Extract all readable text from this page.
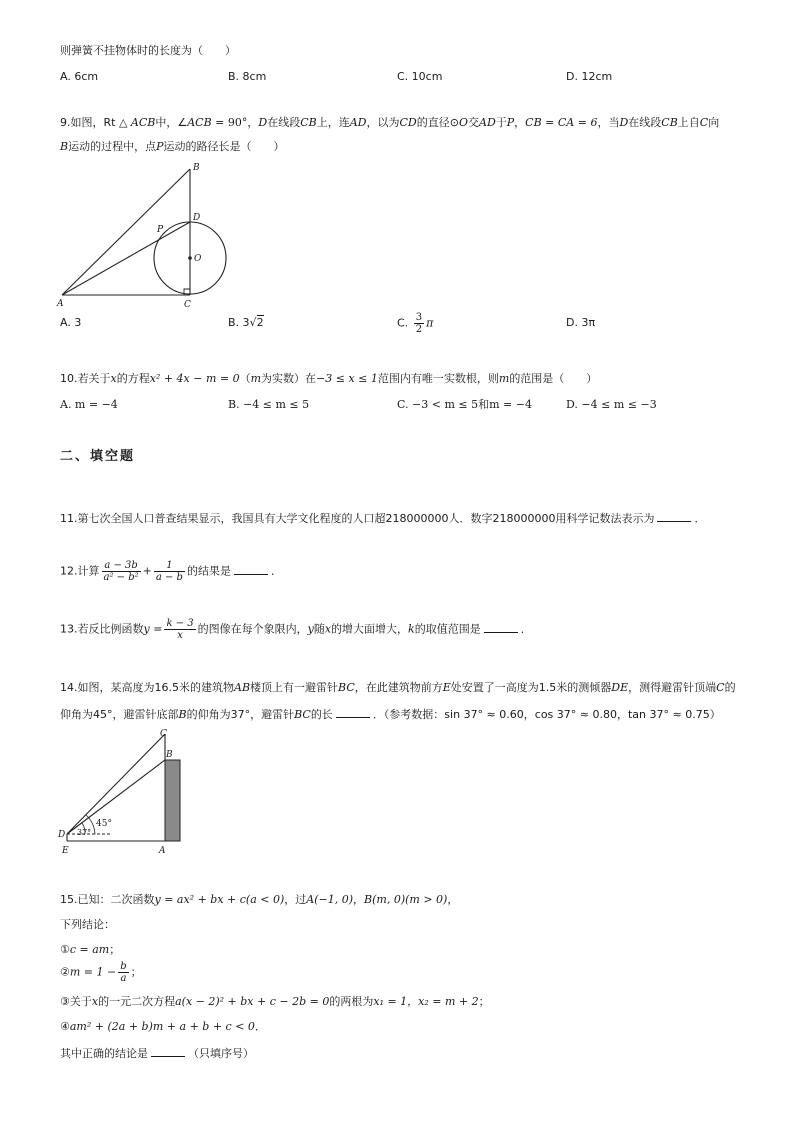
则弹簧不挂物体时的长度为（　　）
A. 6cm	B. 8cm	C. 10cm	D. 12cm
9.如图，Rt △ ACB中，∠ACB = 90°，D在线段CB上，连AD，以为CD的直径⊙O交AD于P，CB = CA = 6，当D在线段CB上自C向
B运动的过程中，点P运动的路径长是（　　）
A	C
B
D
O
P
A. 3	B. 3√2	C. $\frac{3}{2}$ π	D. 3π
10.若关于x的方程x² + 4x − m = 0（m为实数）在−3 ≤ x ≤ 1范围内有唯一实数根，则m的范围是（　　）
A. m = −4	B. −4 ≤ m ≤ 5	C. −3 < m ≤ 5和m = −4	D. −4 ≤ m ≤ −3
二、填空题
11.第七次全国人口普查结果显示，我国具有大学文化程度的人口超218000000人．数字218000000用科学记数法表示为	．
12.计算 $\frac{a - 3b}{\text{a² − b²}} + \frac{1}{a - b}$ 的结果是	．
13.若反比例函数$y = \frac{k - 3}{x}$ 的图像在每个象限内，y随x的增大面增大，k的取值范围是	．
14.如图，某高度为16.5米的建筑物AB楼顶上有一避雷针BC，在此建筑物前方E处安置了一高度为1.5米的测倾器DE，测得避雷针顶端C的
仰角为45°，避雷针底部B的仰角为37°，避雷针BC的长	．（参考数据：sin 37° ≈ 0.60，cos 37° ≈ 0.80，tan 37° ≈ 0.75）
45°
37°
C
B
D
E	A
15.已知：二次函数y = ax² + bx + c(a < 0)，过A(−1, 0)，B(m, 0)(m > 0)，
下列结论：
①c = am；
②m = $1 - \frac{b}{a}$ ；
③关于x的一元二次方程a(x − 2)² + bx + c − 2b = 0的两根为x₁ = 1，x₂ = m + 2；
④am² + (2a + b)m + a + b + c < 0．
其中正确的结论是	（只填序号）
